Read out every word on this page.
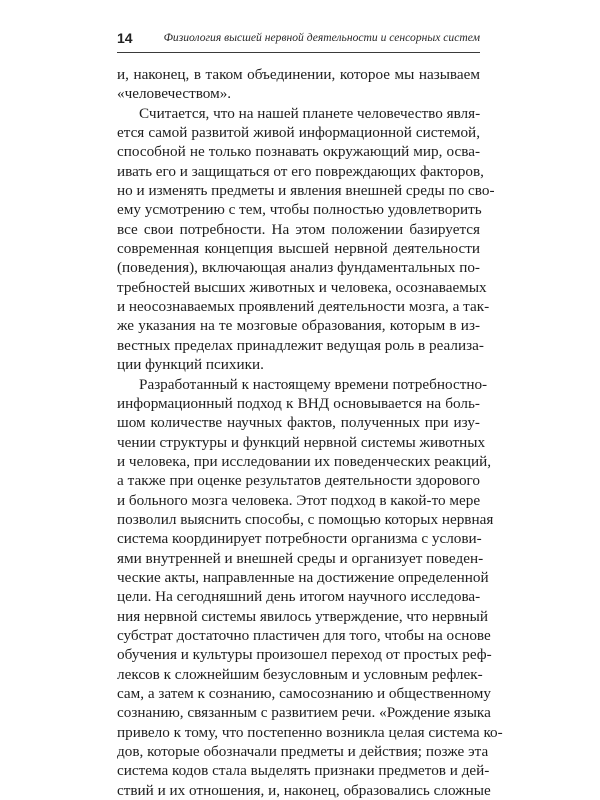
14	Физиология высшей нервной деятельности и сенсорных систем
и, наконец, в таком объединении, которое мы называем
«человечеством».
Считается, что на нашей планете человечество явля-
ется самой развитой живой информационной системой,
способной не только познавать окружающий мир, осва-
ивать его и защищаться от его повреждающих факторов,
но и изменять предметы и явления внешней среды по сво-
ему усмотрению с тем, чтобы полностью удовлетворить
все свои потребности. На этом положении базируется
современная концепция высшей нервной деятельности
(поведения), включающая анализ фундаментальных по-
требностей высших животных и человека, осознаваемых
и неосознаваемых проявлений деятельности мозга, а так-
же указания на те мозговые образования, которым в из-
вестных пределах принадлежит ведущая роль в реализа-
ции функций психики.
Разработанный к настоящему времени потребностно-
информационный подход к ВНД основывается на боль-
шом количестве научных фактов, полученных при изу-
чении структуры и функций нервной системы животных
и человека, при исследовании их поведенческих реакций,
а также при оценке результатов деятельности здорового
и больного мозга человека. Этот подход в какой-то мере
позволил выяснить способы, с помощью которых нервная
система координирует потребности организма с услови-
ями внутренней и внешней среды и организует поведен-
ческие акты, направленные на достижение определенной
цели. На сегодняшний день итогом научного исследова-
ния нервной системы явилось утверждение, что нервный
субстрат достаточно пластичен для того, чтобы на основе
обучения и культуры произошел переход от простых реф-
лексов к сложнейшим безусловным и условным рефлек-
сам, а затем к сознанию, самосознанию и общественному
сознанию, связанным с развитием речи. «Рождение языка
привело к тому, что постепенно возникла целая система ко-
дов, которые обозначали предметы и действия; позже эта
система кодов стала выделять признаки предметов и дей-
ствий и их отношения, и, наконец, образовались сложные
